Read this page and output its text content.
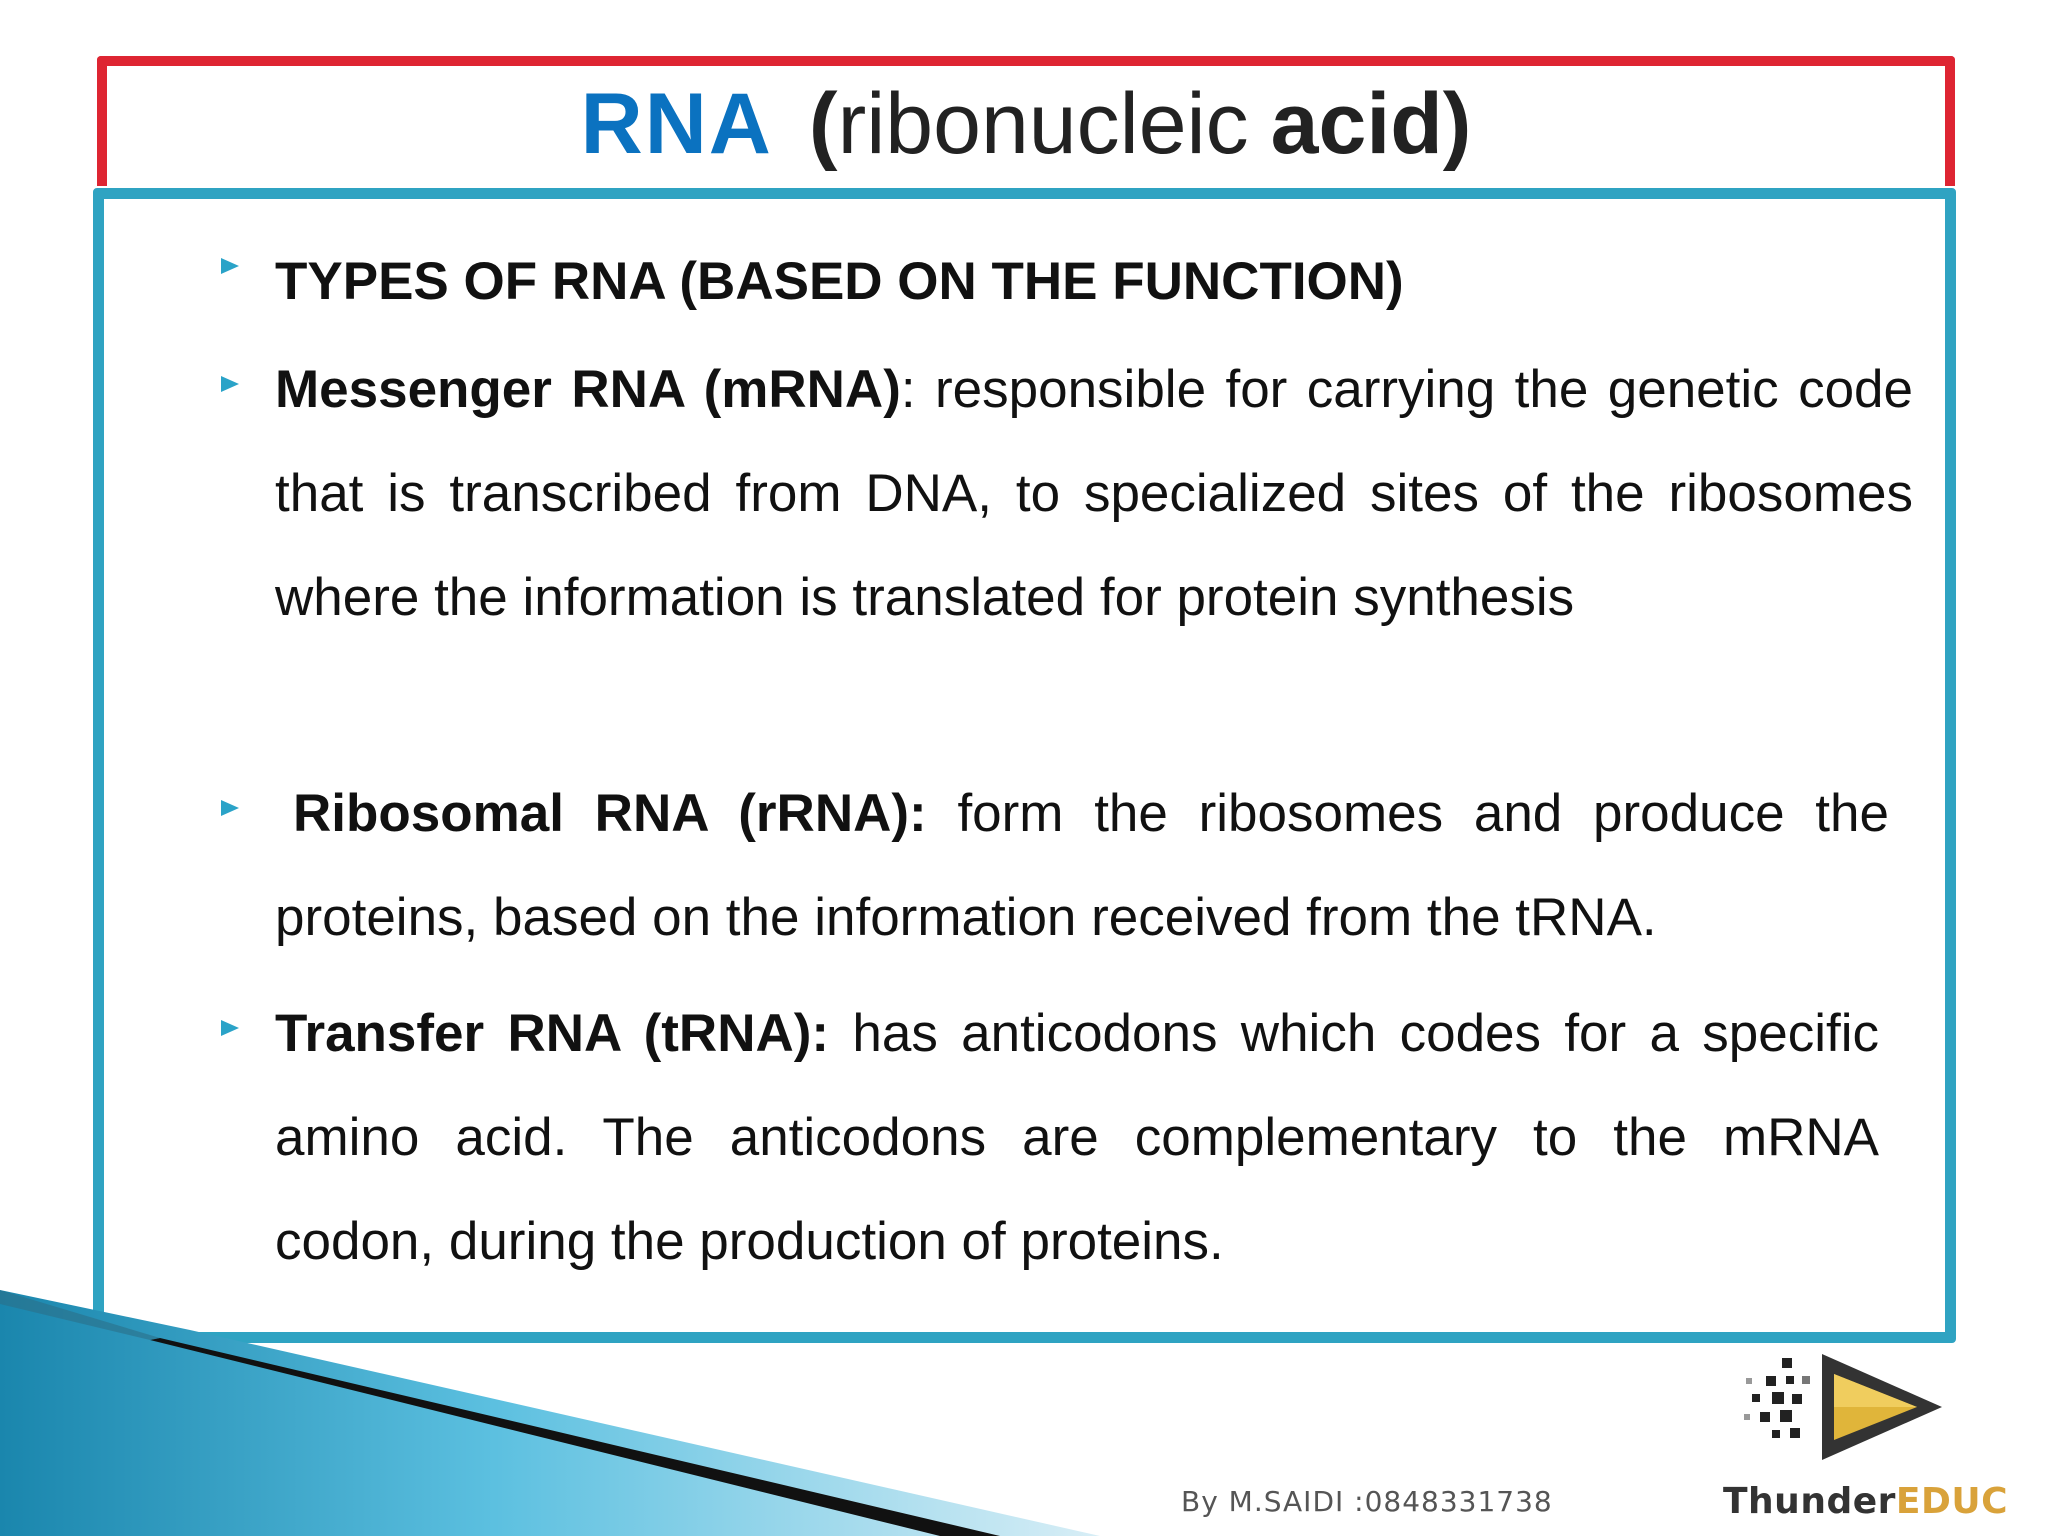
RNA ( ribonucleic acid )
TYPES OF RNA (BASED ON THE FUNCTION)
Messenger RNA (mRNA): responsible for carrying the genetic code that is transcribed from DNA, to specialized sites of the ribosomes where the information is translated for protein synthesis
Ribosomal RNA (rRNA): form the ribosomes and produce the proteins, based on the information received from the tRNA.
Transfer RNA (tRNA): has anticodons which codes for a specific amino acid. The anticodons are complementary to the mRNA codon, during the production of proteins.
By M.SAIDI :0848331738	ThunderEDUC
